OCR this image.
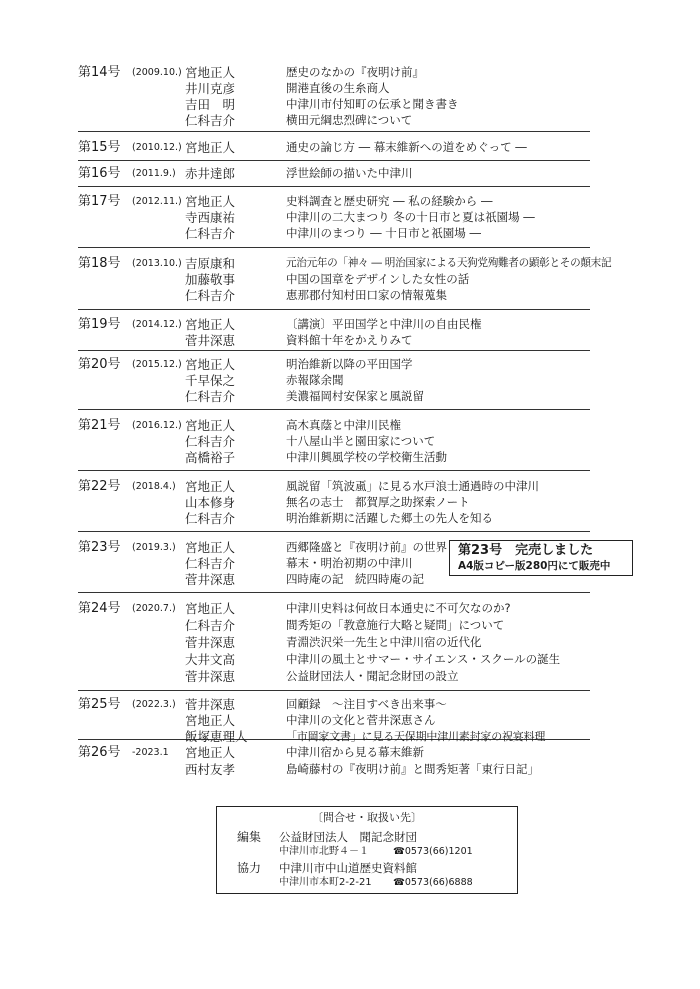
第14号 (2009.10.) 宮地正人	歴史のなかの『夜明け前』
井川克彦	開港直後の生糸商人
吉田　明	中津川市付知町の伝承と聞き書き
仁科吉介	横田元綱忠烈碑について
第15号 (2010.12.) 宮地正人	通史の論じ方 ― 幕末維新への道をめぐって ―
第16号 (2011.9.) 赤井達郎	浮世絵師の描いた中津川
第17号 (2012.11.) 宮地正人	史料調査と歴史研究 ― 私の経験から ―
寺西康祐	中津川の二大まつり 冬の十日市と夏は祇園場 ―
仁科吉介	中津川のまつり ― 十日市と祇園場 ―
第18号 (2013.10.) 吉原康和	元治元年の「神々 ― 明治国家による天狗党殉難者の顕彰とその顛末記
加藤敬事	中国の国章をデザインした女性の話
仁科吉介	恵那郡付知村田口家の情報蒐集
第19号 (2014.12.) 宮地正人	〔講演〕平田国学と中津川の自由民権
菅井深恵	資料館十年をかえりみて
第20号 (2015.12.) 宮地正人	明治維新以降の平田国学
千早保之	赤報隊余聞
仁科吉介	美濃福岡村安保家と風説留
第21号 (2016.12.) 宮地正人	高木真蔭と中津川民権
仁科吉介	十八屋山半と園田家について
高橋裕子	中津川興風学校の学校衛生活動
第22号 (2018.4.) 宮地正人	風説留「筑波颪」に見る水戸浪士通過時の中津川
山本修身	無名の志士　都賀厚之助探索ノート
仁科吉介	明治維新期に活躍した郷土の先人を知る
第23号 (2019.3.) 宮地正人	西郷隆盛と『夜明け前』の世界
仁科吉介	幕末・明治初期の中津川
菅井深恵	四時庵の記　続四時庵の記
第24号 (2020.7.) 宮地正人	中津川史料は何故日本通史に不可欠なのか?
仁科吉介	間秀矩の「教意施行大略と疑問」について
菅井深恵	青淵渋沢栄一先生と中津川宿の近代化
大井文高	中津川の風土とサマー・サイエンス・スクールの誕生
菅井深恵	公益財団法人・聞記念財団の設立
第25号 (2022.3.) 菅井深恵	回顧録　〜注目すべき出来事〜
宮地正人	中津川の文化と菅井深恵さん
飯塚恵理人	「市岡家文書」に見る天保期中津川素封家の祝宴料理
第26号 -2023.1 宮地正人	中津川宿から見る幕末維新
西村友孝	島崎藤村の『夜明け前』と間秀矩著「東行日記」
第23号　完売しました
A4版コピー版280円にて販売中
〔問合せ・取扱い先〕
編集 公益財団法人　聞記念財団
中津川市北野４－１	☎0573(66)1201
協力 中津川市中山道歴史資料館
中津川市本町2-2-21 ☎0573(66)6888
